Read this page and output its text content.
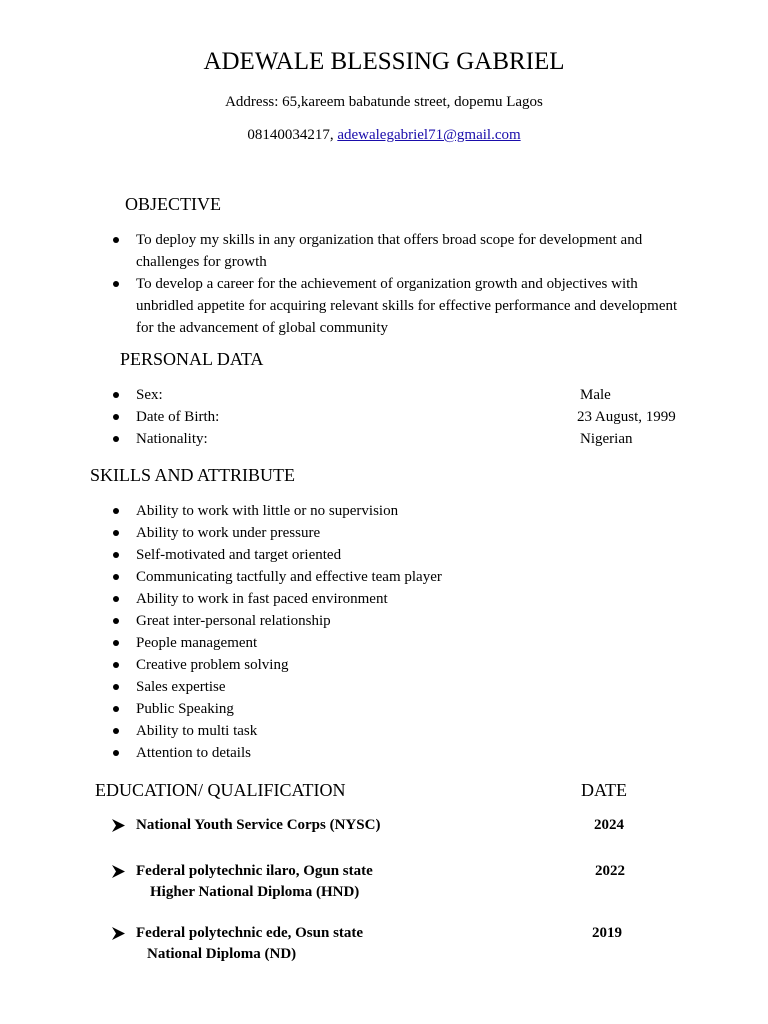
ADEWALE BLESSING GABRIEL
Address: 65,kareem babatunde street, dopemu Lagos
08140034217, adewalegabriel71@gmail.com
OBJECTIVE
To deploy my skills in any organization that offers broad scope for development and
challenges for growth
To develop a career for the achievement of organization growth and objectives with
unbridled appetite for acquiring relevant skills for effective performance and development
for the advancement of global community
PERSONAL DATA
Sex:	Male
Date of Birth:	23 August, 1999
Nationality:	Nigerian
SKILLS AND ATTRIBUTE
Ability to work with little or no supervision
Ability to work under pressure
Self-motivated and target oriented
Communicating tactfully and effective team player
Ability to work in fast paced environment
Great inter-personal relationship
People management
Creative problem solving
Sales expertise
Public Speaking
Ability to multi task
Attention to details
EDUCATION/ QUALIFICATION	DATE
National Youth Service Corps (NYSC)	2024
Federal polytechnic ilaro, Ogun state	2022
Higher National Diploma (HND)
Federal polytechnic ede, Osun state	2019
National Diploma (ND)
